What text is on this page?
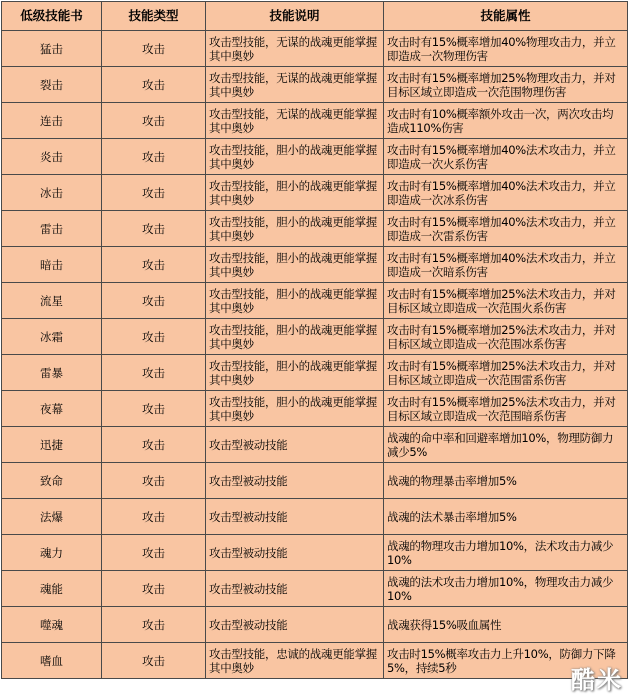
低级技能书	技能类型	技能说明	技能属性
猛击	攻击	攻击型技能，无谋的战魂更能掌握其中奥妙	攻击时有15%概率增加40%物理攻击力，并立即造成一次物理伤害
裂击	攻击	攻击型技能，无谋的战魂更能掌握其中奥妙	攻击时有15%概率增加25%物理攻击力，并对目标区域立即造成一次范围物理伤害
连击	攻击	攻击型技能，无谋的战魂更能掌握其中奥妙	攻击时有10%概率额外攻击一次，两次攻击均造成110%伤害
炎击	攻击	攻击型技能，胆小的战魂更能掌握其中奥妙	攻击时有15%概率增加40%法术攻击力，并立即造成一次火系伤害
冰击	攻击	攻击型技能，胆小的战魂更能掌握其中奥妙	攻击时有15%概率增加40%法术攻击力，并立即造成一次冰系伤害
雷击	攻击	攻击型技能，胆小的战魂更能掌握其中奥妙	攻击时有15%概率增加40%法术攻击力，并立即造成一次雷系伤害
暗击	攻击	攻击型技能，胆小的战魂更能掌握其中奥妙	攻击时有15%概率增加40%法术攻击力，并立即造成一次暗系伤害
流星	攻击	攻击型技能，胆小的战魂更能掌握其中奥妙	攻击时有15%概率增加25%法术攻击力，并对目标区域立即造成一次范围火系伤害
冰霜	攻击	攻击型技能，胆小的战魂更能掌握其中奥妙	攻击时有15%概率增加25%法术攻击力，并对目标区域立即造成一次范围冰系伤害
雷暴	攻击	攻击型技能，胆小的战魂更能掌握其中奥妙	攻击时有15%概率增加25%法术攻击力，并对目标区域立即造成一次范围雷系伤害
夜幕	攻击	攻击型技能，胆小的战魂更能掌握其中奥妙	攻击时有15%概率增加25%法术攻击力，并对目标区域立即造成一次范围暗系伤害
迅捷	攻击	攻击型被动技能	战魂的命中率和回避率增加10%，物理防御力减少5%
致命	攻击	攻击型被动技能	战魂的物理暴击率增加5%
法爆	攻击	攻击型被动技能	战魂的法术暴击率增加5%
魂力	攻击	攻击型被动技能	战魂的物理攻击力增加10%，法术攻击力减少10%
魂能	攻击	攻击型被动技能	战魂的法术攻击力增加10%，物理攻击力减少10%
噬魂	攻击	攻击型被动技能	战魂获得15%吸血属性
嗜血	攻击	攻击型技能，忠诚的战魂更能掌握其中奥妙	攻击时15%概率攻击力上升10%，防御力下降5%，持续5秒	酷米
